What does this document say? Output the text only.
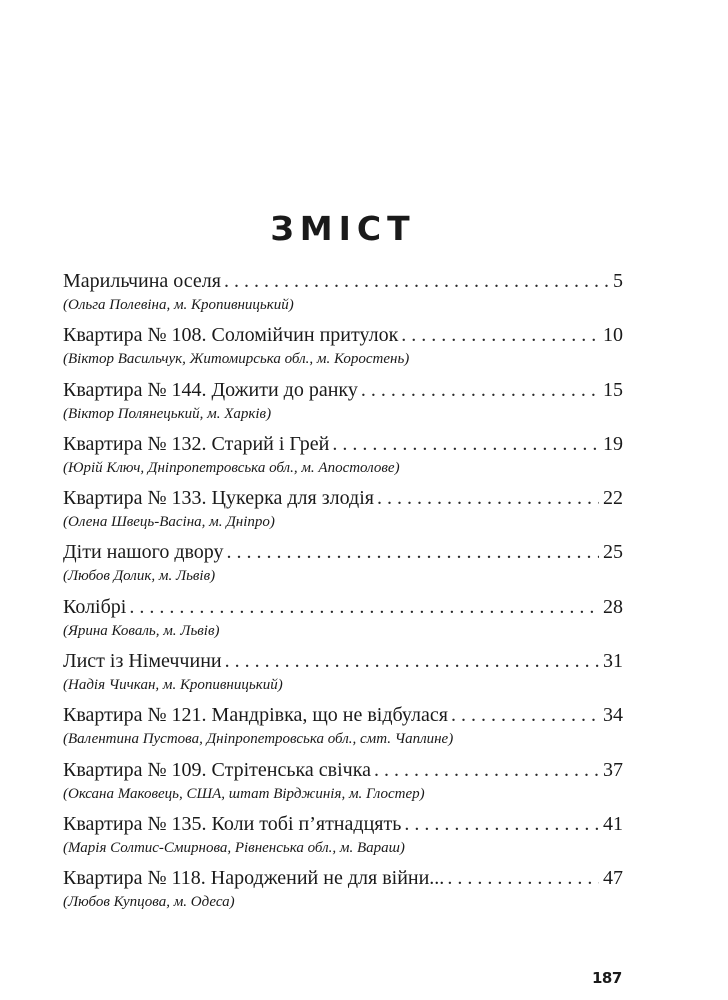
ЗМІСТ
Марильчина оселя . . .	5
(Ольга Полевіна, м. Кропивницький)
Квартира № 108. Соломійчин притулок . . .	10
(Віктор Васильчук, Житомирська обл., м. Коростень)
Квартира № 144. Дожити до ранку . . .	15
(Віктор Полянецький, м. Харків)
Квартира № 132. Старий і Грей . . .	19
(Юрій Ключ, Дніпропетровська обл., м. Апостолове)
Квартира № 133. Цукерка для злодія . . .	22
(Олена Швець-Васіна, м. Дніпро)
Діти нашого двору . . .	25
(Любов Долик, м. Львів)
Колібрі . . .	28
(Ярина Коваль, м. Львів)
Лист із Німеччини . . .	31
(Надія Чичкан, м. Кропивницький)
Квартира № 121. Мандрівка, що не відбулася . . .	34
(Валентина Пустова, Дніпропетровська обл., смт. Чаплине)
Квартира № 109. Стрітенська свічка . . .	37
(Оксана Маковець, США, штат Вірджинія, м. Глостер)
Квартира № 135. Коли тобі п’ятнадцять . . .	41
(Марія Солтис-Смирнова, Рівненська обл., м. Вараш)
Квартира № 118. Народжений не для війни... . . .	47
(Любов Купцова, м. Одеса)
187
